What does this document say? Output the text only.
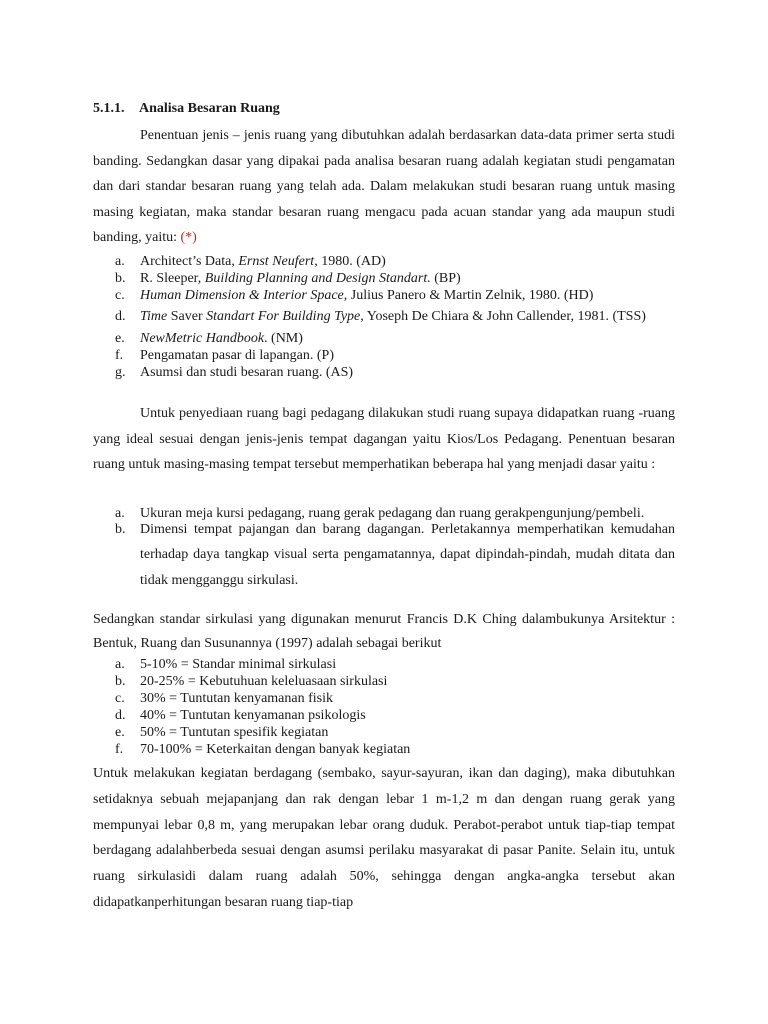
5.1.1. Analisa Besaran Ruang
Penentuan jenis – jenis ruang yang dibutuhkan adalah berdasarkan data-data primer serta studi banding. Sedangkan dasar yang dipakai pada analisa besaran ruang adalah kegiatan studi pengamatan dan dari standar besaran ruang yang telah ada. Dalam melakukan studi besaran ruang untuk masing masing kegiatan, maka standar besaran ruang mengacu pada acuan standar yang ada maupun studi banding, yaitu: (*)
a.	Architect’s Data, Ernst Neufert, 1980. (AD)
b.	R. Sleeper, Building Planning and Design Standart. (BP)
c.	Human Dimension & Interior Space, Julius Panero & Martin Zelnik, 1980. (HD)
d.	Time Saver Standart For Building Type, Yoseph De Chiara & John Callender, 1981. (TSS)
e.	NewMetric Handbook. (NM)
f.	Pengamatan pasar di lapangan. (P)
g.	Asumsi dan studi besaran ruang. (AS)
Untuk penyediaan ruang bagi pedagang dilakukan studi ruang supaya didapatkan ruang -ruang yang ideal sesuai dengan jenis-jenis tempat dagangan yaitu Kios/Los Pedagang. Penentuan besaran ruang untuk masing-masing tempat tersebut memperhatikan beberapa hal yang menjadi dasar yaitu :
a.	Ukuran meja kursi pedagang, ruang gerak pedagang dan ruang gerakpengunjung/pembeli.
b.	Dimensi tempat pajangan dan barang dagangan. Perletakannya memperhatikan kemudahan terhadap daya tangkap visual serta pengamatannya, dapat dipindah-pindah, mudah ditata dan tidak mengganggu sirkulasi.
Sedangkan standar sirkulasi yang digunakan menurut Francis D.K Ching dalambukunya Arsitektur : Bentuk, Ruang dan Susunannya (1997) adalah sebagai berikut
a.	5-10% = Standar minimal sirkulasi
b.	20-25% = Kebutuhuan keleluasaan sirkulasi
c.	30% = Tuntutan kenyamanan fisik
d.	40% = Tuntutan kenyamanan psikologis
e.	50% = Tuntutan spesifik kegiatan
f.	70-100% = Keterkaitan dengan banyak kegiatan
Untuk melakukan kegiatan berdagang (sembako, sayur-sayuran, ikan dan daging), maka dibutuhkan setidaknya sebuah mejapanjang dan rak dengan lebar 1 m-1,2 m dan dengan ruang gerak yang mempunyai lebar 0,8 m, yang merupakan lebar orang duduk. Perabot-perabot untuk tiap-tiap tempat berdagang adalahberbeda sesuai dengan asumsi perilaku masyarakat di pasar Panite. Selain itu, untuk ruang sirkulasidi dalam ruang adalah 50%, sehingga dengan angka-angka tersebut akan didapatkanperhitungan besaran ruang tiap-tiap
